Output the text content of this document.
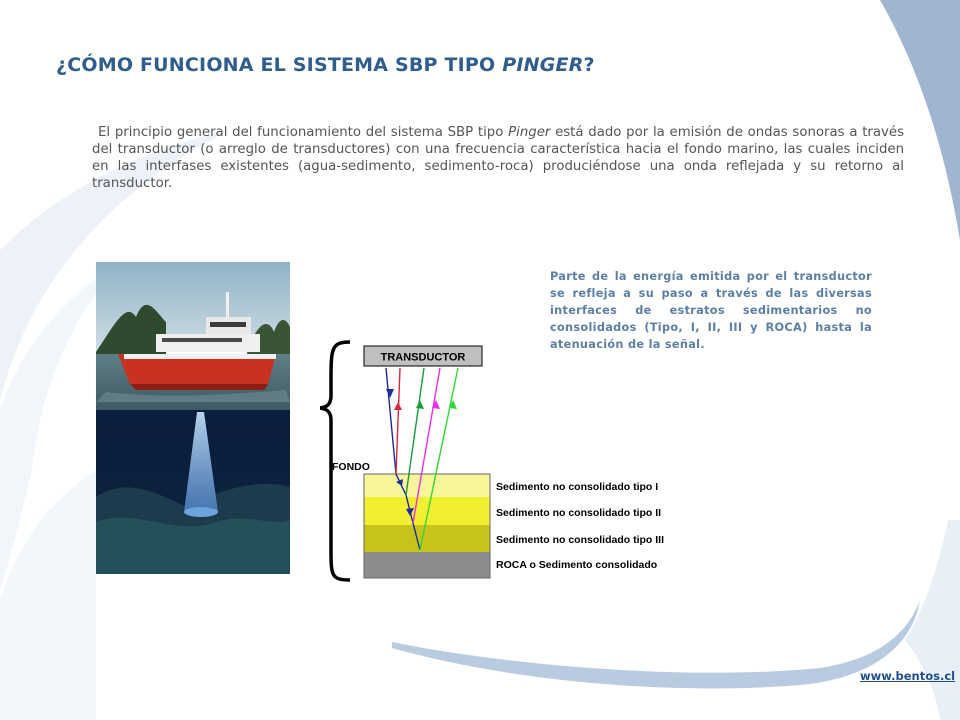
¿CÓMO FUNCIONA EL SISTEMA SBP TIPO PINGER?

El principio general del funcionamiento del sistema SBP tipo Pinger está dado por la emisión de ondas sonoras a través del transductor (o arreglo de transductores) con una frecuencia característica hacia el fondo marino, las cuales inciden en las interfases existentes (agua-sedimento, sedimento-roca) produciéndose una onda reflejada y su retorno al transductor.

Parte de la energía emitida por el transductor se refleja a su paso a través de las diversas interfaces de estratos sedimentarios no consolidados (Tipo, I, II, III y ROCA) hasta la atenuación de la señal.

TRANSDUCTOR
FONDO
Sedimento no consolidado tipo I
Sedimento no consolidado tipo II
Sedimento no consolidado tipo III
ROCA o Sedimento consolidado
www.bentos.cl
